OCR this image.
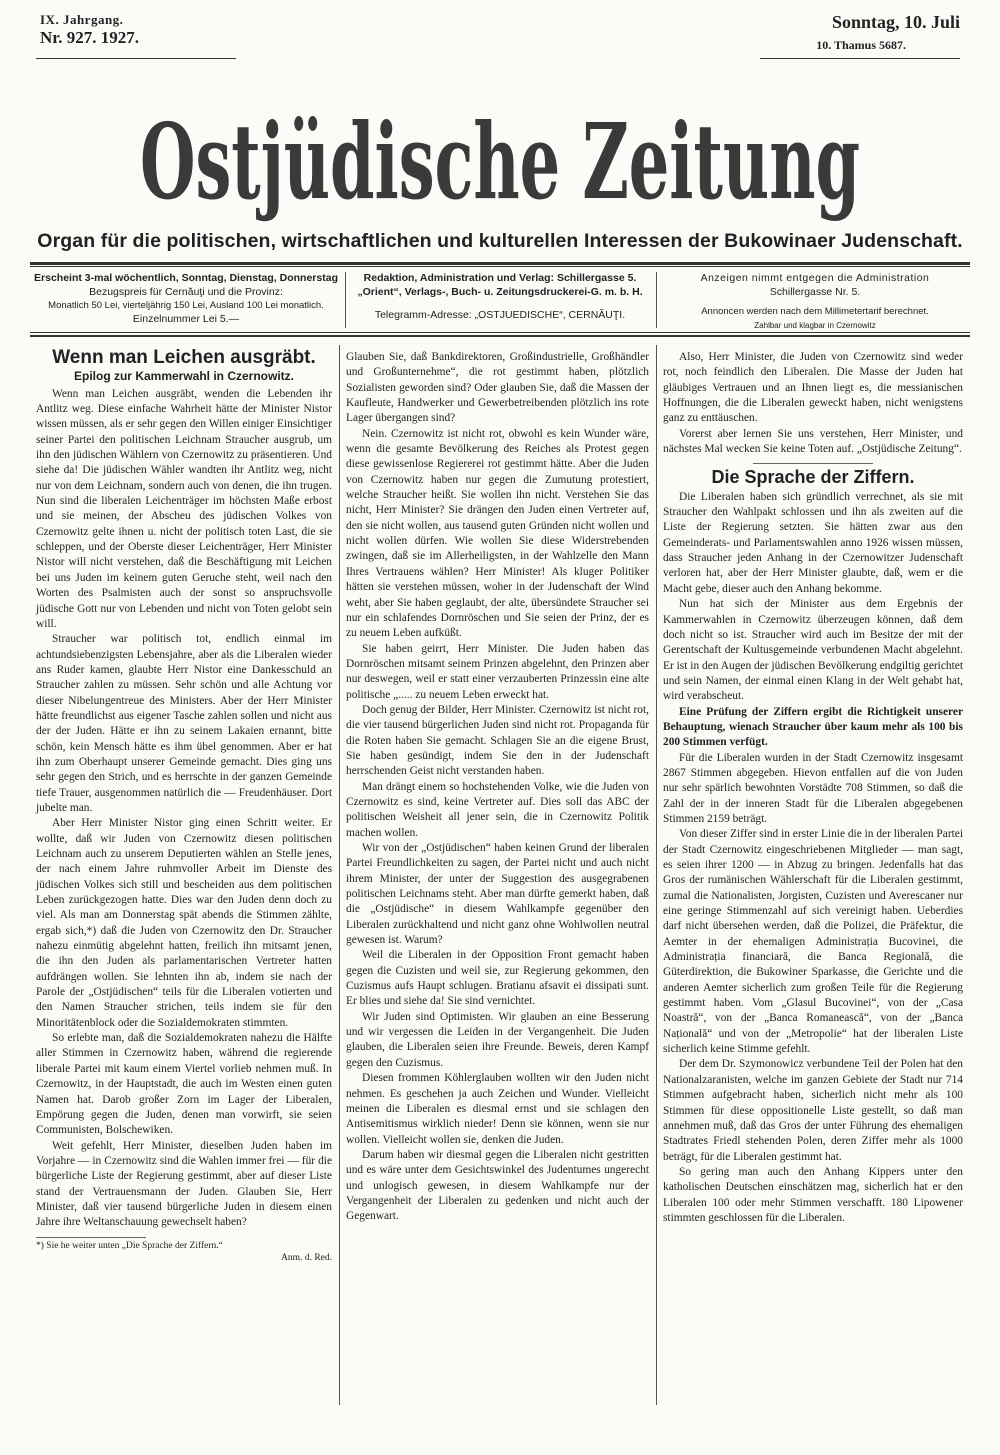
IX. Jahrgang.
Nr. 927. 1927.
Sonntag, 10. Juli
10. Thamus 5687.
Ostjüdische Zeitung
Organ für die politischen, wirtschaftlichen und kulturellen Interessen der Bukowinaer Judenschaft.
Erscheint 3-mal wöchentlich, Sonntag, Dienstag, Donnerstag
Bezugspreis für Cernăuţi und die Provinz:
Monatlich 50 Lei, vierteljährig 150 Lei, Ausland 100 Lei monatlich.
Einzelnummer Lei 5.—
Redaktion, Administration und Verlag: Schillergasse 5.
„Orient“, Verlags-, Buch- u. Zeitungsdruckerei-G. m. b. H.
Telegramm-Adresse: „OSTJUEDISCHE“, CERNĂUŢI.
Anzeigen nimmt entgegen die Administration
Schillergasse Nr. 5.
Annoncen werden nach dem Millimetertarif berechnet.
Zahlbar und klagbar in Czernowitz
Wenn man Leichen ausgräbt.
Epilog zur Kammerwahl in Czernowitz.

Wenn man Leichen ausgräbt, wenden die Lebenden ihr Antlitz weg. Diese einfache Wahrheit hätte der Minister Nistor wissen müssen, als er sehr gegen den Willen einiger Einsichtiger seiner Partei den politischen Leichnam Straucher ausgrub, um ihn den jüdischen Wählern von Czernowitz zu präsentieren. Und siehe da! Die jüdischen Wähler wandten ihr Antlitz weg, nicht nur von dem Leichnam, sondern auch von denen, die ihn trugen. Nun sind die liberalen Leichenträger im höchsten Maße erbost und sie meinen, der Abscheu des jüdischen Volkes von Czernowitz gelte ihnen u. nicht der politisch toten Last, die sie schleppen, und der Oberste dieser Leichenträger, Herr Minister Nistor will nicht verstehen, daß die Beschäftigung mit Leichen bei uns Juden im keinem guten Geruche steht, weil nach den Worten des Psalmisten auch der sonst so anspruchsvolle jüdische Gott nur von Lebenden und nicht von Toten gelobt sein will.

Straucher war politisch tot, endlich einmal im achtundsiebenzigsten Lebensjahre, aber als die Liberalen wieder ans Ruder kamen, glaubte Herr Nistor eine Dankesschuld an Straucher zahlen zu müssen. Sehr schön und alle Achtung vor dieser Nibelungentreue des Ministers. Aber der Herr Minister hätte freundlichst aus eigener Tasche zahlen sollen und nicht aus der der Juden. Hätte er ihn zu seinem Lakaien ernannt, bitte schön, kein Mensch hätte es ihm übel genommen. Aber er hat ihn zum Oberhaupt unserer Gemeinde gemacht. Dies ging uns sehr gegen den Strich, und es herrschte in der ganzen Gemeinde tiefe Trauer, ausgenommen natürlich die — Freudenhäuser. Dort jubelte man.

Aber Herr Minister Nistor ging einen Schritt weiter. Er wollte, daß wir Juden von Czernowitz diesen politischen Leichnam auch zu unserem Deputierten wählen an Stelle jenes, der nach einem Jahre ruhmvoller Arbeit im Dienste des jüdischen Volkes sich still und bescheiden aus dem politischen Leben zurückgezogen hatte. Dies war den Juden denn doch zu viel. Als man am Donnerstag spät abends die Stimmen zählte, ergab sich,*) daß die Juden von Czernowitz den Dr. Straucher nahezu einmütig abgelehnt hatten, freilich ihn mitsamt jenen, die ihn den Juden als parlamentarischen Vertreter hatten aufdrängen wollen. Sie lehnten ihn ab, indem sie nach der Parole der „Ostjüdischen“ teils für die Liberalen votierten und den Namen Straucher strichen, teils indem sie für den Minoritätenblock oder die Sozialdemokraten stimmten.

So erlebte man, daß die Sozialdemokraten nahezu die Hälfte aller Stimmen in Czernowitz haben, während die regierende liberale Partei mit kaum einem Viertel vorlieb nehmen muß. In Czernowitz, in der Hauptstadt, die auch im Westen einen guten Namen hat. Darob großer Zorn im Lager der Liberalen, Empörung gegen die Juden, denen man vorwirft, sie seien Communisten, Bolschewiken.

Weit gefehlt, Herr Minister, dieselben Juden haben im Vorjahre — in Czernowitz sind die Wahlen immer frei — für die bürgerliche Liste der Regierung gestimmt, aber auf dieser Liste stand der Vertrauensmann der Juden. Glauben Sie, Herr Minister, daß vier tausend bürgerliche Juden in diesem einen Jahre ihre Weltanschauung gewechselt haben?

*) Sie he weiter unten „Die Sprache der Ziffern.“
Anm. d. Red.

Glauben Sie, daß Bankdirektoren, Großindustrielle, Großhändler und Großunternehme“, die rot gestimmt haben, plötzlich Sozialisten geworden sind? Oder glauben Sie, daß die Massen der Kaufleute, Handwerker und Gewerbetreibenden plötzlich ins rote Lager übergangen sind?

Nein. Czernowitz ist nicht rot, obwohl es kein Wunder wäre, wenn die gesamte Bevölkerung des Reiches als Protest gegen diese gewissenlose Regiererei rot gestimmt hätte. Aber die Juden von Czernowitz haben nur gegen die Zumutung protestiert, welche Straucher heißt. Sie wollen ihn nicht. Verstehen Sie das nicht, Herr Minister? Sie drängen den Juden einen Vertreter auf, den sie nicht wollen, aus tausend guten Gründen nicht wollen und nicht wollen dürfen. Wie wollen Sie diese Widerstrebenden zwingen, daß sie im Allerheiligsten, in der Wahlzelle den Mann Ihres Vertrauens wählen? Herr Minister! Als kluger Politiker hätten sie verstehen müssen, woher in der Judenschaft der Wind weht, aber Sie haben geglaubt, der alte, übersündete Straucher sei nur ein schlafendes Dornröschen und Sie seien der Prinz, der es zu neuem Leben aufküßt.

Sie haben geirrt, Herr Minister. Die Juden haben das Dornröschen mitsamt seinem Prinzen abgelehnt, den Prinzen aber nur deswegen, weil er statt einer verzauberten Prinzessin eine alte politische „..... zu neuem Leben erweckt hat.

Doch genug der Bilder, Herr Minister. Czernowitz ist nicht rot, die vier tausend bürgerlichen Juden sind nicht rot. Propaganda für die Roten haben Sie gemacht. Schlagen Sie an die eigene Brust, Sie haben gesündigt, indem Sie den in der Judenschaft herrschenden Geist nicht verstanden haben.

Man drängt einem so hochstehenden Volke, wie die Juden von Czernowitz es sind, keine Vertreter auf. Dies soll das ABC der politischen Weisheit all jener sein, die in Czernowitz Politik machen wollen.

Wir von der „Ostjüdischen“ haben keinen Grund der liberalen Partei Freundlichkeiten zu sagen, der Partei nicht und auch nicht ihrem Minister, der unter der Suggestion des ausgegrabenen politischen Leichnams steht. Aber man dürfte gemerkt haben, daß die „Ostjüdische“ in diesem Wahlkampfe gegenüber den Liberalen zurückhaltend und nicht ganz ohne Wohlwollen neutral gewesen ist. Warum?

Weil die Liberalen in der Opposition Front gemacht haben gegen die Cuzisten und weil sie, zur Regierung gekommen, den Cuzismus aufs Haupt schlugen. Bratianu afsavit ei dissipati sunt. Er blies und siehe da! Sie sind vernichtet.

Wir Juden sind Optimisten. Wir glauben an eine Besserung und wir vergessen die Leiden in der Vergangenheit. Die Juden glauben, die Liberalen seien ihre Freunde. Beweis, deren Kampf gegen den Cuzismus.

Diesen frommen Köhlerglauben wollten wir den Juden nicht nehmen. Es geschehen ja auch Zeichen und Wunder. Vielleicht meinen die Liberalen es diesmal ernst und sie schlagen den Antisemitismus wirklich nieder! Denn sie können, wenn sie nur wollen. Vielleicht wollen sie, denken die Juden.

Darum haben wir diesmal gegen die Liberalen nicht gestritten und es wäre unter dem Gesichtswinkel des Judentumes ungerecht und unlogisch gewesen, in diesem Wahlkampfe nur der Vergangenheit der Liberalen zu gedenken und nicht auch der Gegenwart.

Also, Herr Minister, die Juden von Czernowitz sind weder rot, noch feindlich den Liberalen. Die Masse der Juden hat gläubiges Vertrauen und an Ihnen liegt es, die messianischen Hoffnungen, die die Liberalen geweckt haben, nicht wenigstens ganz zu enttäuschen.

Vorerst aber lernen Sie uns verstehen, Herr Minister, und nächstes Mal wecken Sie keine Toten auf. „Ostjüdische Zeitung“.

Die Sprache der Ziffern.

Die Liberalen haben sich gründlich verrechnet, als sie mit Straucher den Wahlpakt schlossen und ihn als zweiten auf die Liste der Regierung setzten. Sie hätten zwar aus den Gemeinderats- und Parlamentswahlen anno 1926 wissen müssen, dass Straucher jeden Anhang in der Czernowitzer Judenschaft verloren hat, aber der Herr Minister glaubte, daß, wem er die Macht gebe, dieser auch den Anhang bekomme.

Nun hat sich der Minister aus dem Ergebnis der Kammerwahlen in Czernowitz überzeugen können, daß dem doch nicht so ist. Straucher wird auch im Besitze der mit der Gerentschaft der Kultusgemeinde verbundenen Macht abgelehnt. Er ist in den Augen der jüdischen Bevölkerung endgiltig gerichtet und sein Namen, der einmal einen Klang in der Welt gehabt hat, wird verabscheut.

Eine Prüfung der Ziffern ergibt die Richtigkeit unserer Behauptung, wienach Straucher über kaum mehr als 100 bis 200 Stimmen verfügt.

Für die Liberalen wurden in der Stadt Czernowitz insgesamt 2867 Stimmen abgegeben. Hievon entfallen auf die von Juden nur sehr spärlich bewohnten Vorstädte 708 Stimmen, so daß die Zahl der in der inneren Stadt für die Liberalen abgegebenen Stimmen 2159 beträgt.

Von dieser Ziffer sind in erster Linie die in der liberalen Partei der Stadt Czernowitz eingeschriebenen Mitglieder — man sagt, es seien ihrer 1200 — in Abzug zu bringen. Jedenfalls hat das Gros der rumänischen Wählerschaft für die Liberalen gestimmt, zumal die Nationalisten, Jorgisten, Cuzisten und Averescaner nur eine geringe Stimmenzahl auf sich vereinigt haben. Ueberdies darf nicht übersehen werden, daß die Polizei, die Präfektur, die Aemter in der ehemaligen Administrația Bucovinei, die Administrația financiară, die Banca Regională, die Güterdirektion, die Bukowiner Sparkasse, die Gerichte und die anderen Aemter sicherlich zum großen Teile für die Regierung gestimmt haben. Vom „Glasul Bucovinei“, von der „Casa Noastră“, von der „Banca Romanească“, von der „Banca Națională“ und von der „Metropolie“ hat der liberalen Liste sicherlich keine Stimme gefehlt.

Der dem Dr. Szymonowicz verbundene Teil der Polen hat den Nationalzaranisten, welche im ganzen Gebiete der Stadt nur 714 Stimmen aufgebracht haben, sicherlich nicht mehr als 100 Stimmen für diese oppositionelle Liste gestellt, so daß man annehmen muß, daß das Gros der unter Führung des ehemaligen Stadtrates Friedl stehenden Polen, deren Ziffer mehr als 1000 beträgt, für die Liberalen gestimmt hat.

So gering man auch den Anhang Kippers unter den katholischen Deutschen einschätzen mag, sicherlich hat er den Liberalen 100 oder mehr Stimmen verschafft. 180 Lipowener stimmten geschlossen für die Liberalen.
